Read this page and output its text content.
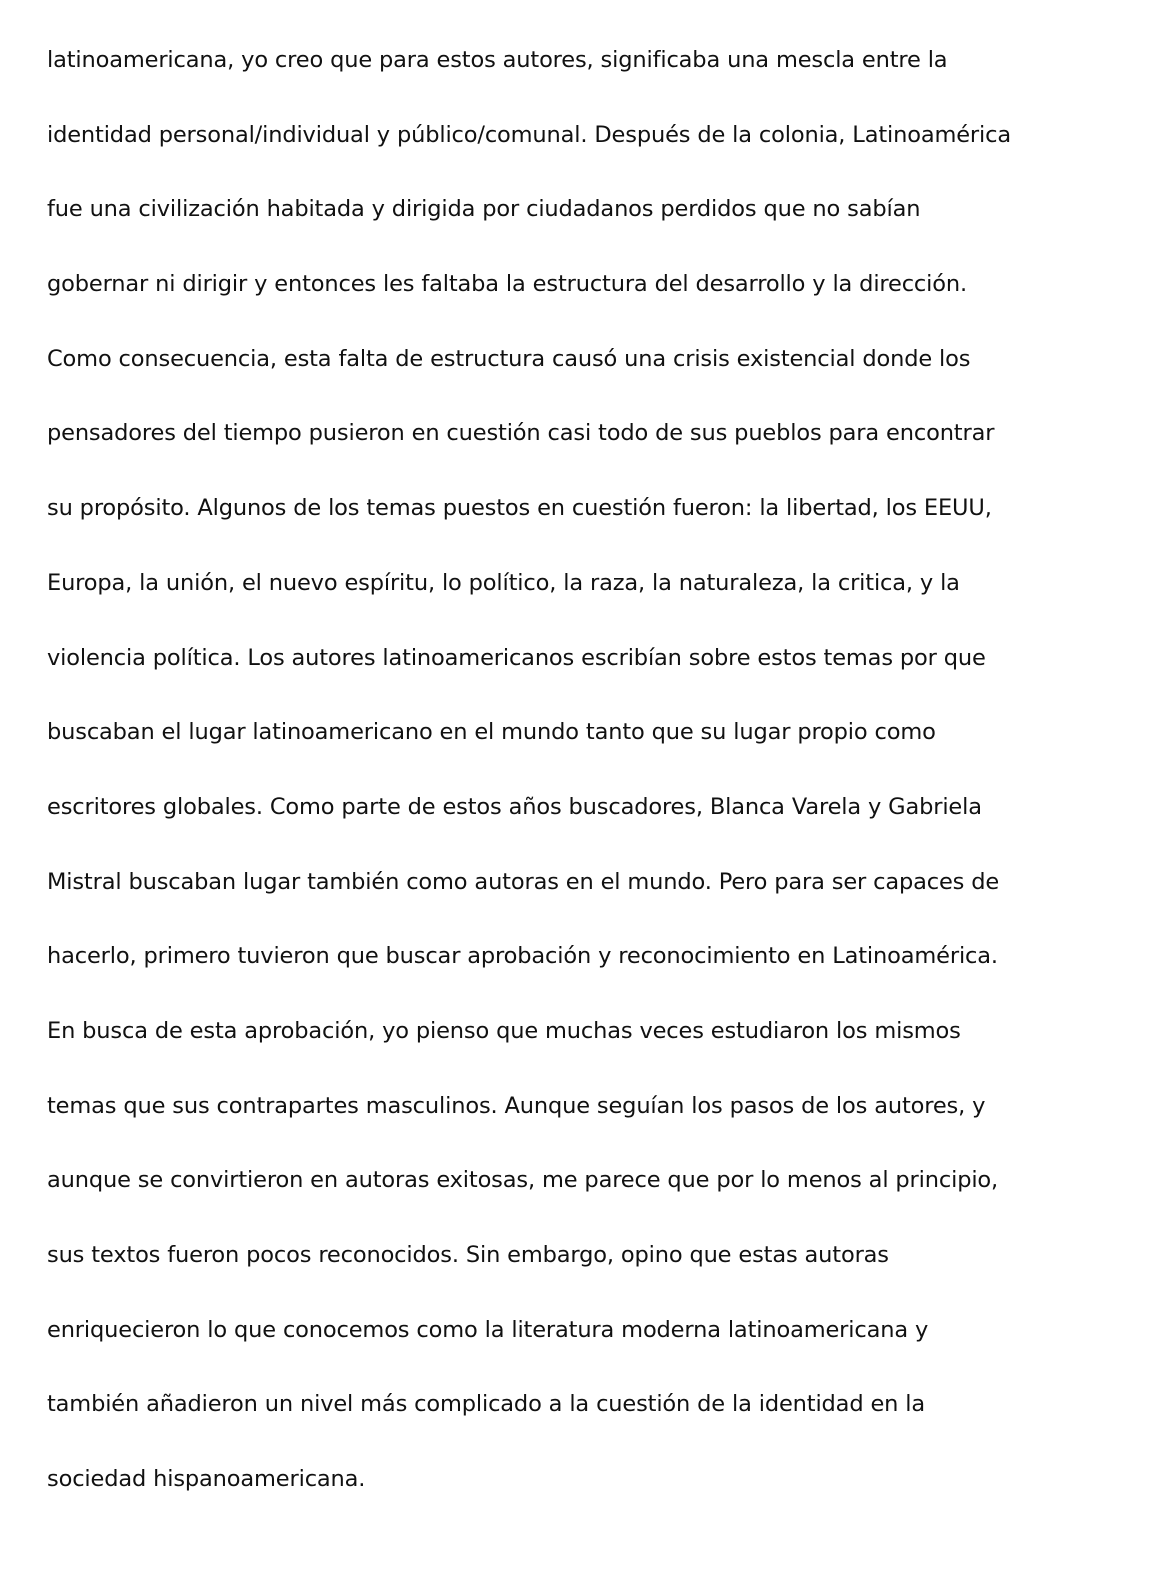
latinoamericana, yo creo que para estos autores, significaba una mescla entre la
identidad personal/individual y público/comunal. Después de la colonia, Latinoamérica
fue una civilización habitada y dirigida por ciudadanos perdidos que no sabían
gobernar ni dirigir y entonces les faltaba la estructura del desarrollo y la dirección.
Como consecuencia, esta falta de estructura causó una crisis existencial donde los
pensadores del tiempo pusieron en cuestión casi todo de sus pueblos para encontrar
su propósito. Algunos de los temas puestos en cuestión fueron: la libertad, los EEUU,
Europa, la unión, el nuevo espíritu, lo político, la raza, la naturaleza, la critica, y la
violencia política. Los autores latinoamericanos escribían sobre estos temas por que
buscaban el lugar latinoamericano en el mundo tanto que su lugar propio como
escritores globales. Como parte de estos años buscadores, Blanca Varela y Gabriela
Mistral buscaban lugar también como autoras en el mundo. Pero para ser capaces de
hacerlo, primero tuvieron que buscar aprobación y reconocimiento en Latinoamérica.
En busca de esta aprobación, yo pienso que muchas veces estudiaron los mismos
temas que sus contrapartes masculinos. Aunque seguían los pasos de los autores, y
aunque se convirtieron en autoras exitosas, me parece que por lo menos al principio,
sus textos fueron pocos reconocidos. Sin embargo, opino que estas autoras
enriquecieron lo que conocemos como la literatura moderna latinoamericana y
también añadieron un nivel más complicado a la cuestión de la identidad en la
sociedad hispanoamericana.
